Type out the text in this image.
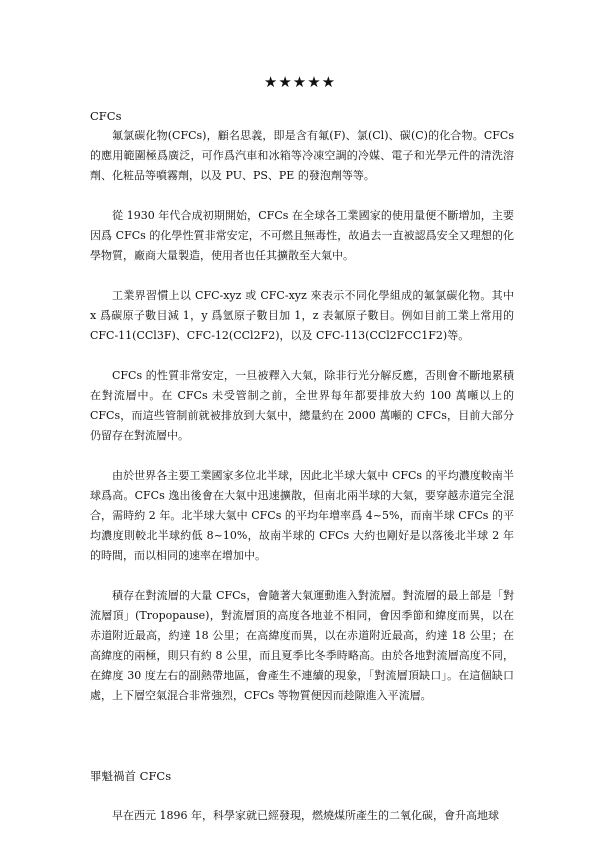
★★★★★

CFCs

氟氯碳化物(CFCs)，顧名思義，即是含有氟(F)、氯(Cl)、碳(C)的化合物。CFCs的應用範圍極爲廣泛，可作爲汽車和冰箱等冷凍空調的冷媒、電子和光學元件的清洗溶劑、化粧品等噴霧劑，以及 PU、PS、PE 的發泡劑等等。

從 1930 年代合成初期開始，CFCs 在全球各工業國家的使用量便不斷增加，主要因爲 CFCs 的化學性質非常安定，不可燃且無毒性，故過去一直被認爲安全又理想的化學物質，廠商大量製造，使用者也任其擴散至大氣中。

工業界習慣上以 CFC-xyz 或 CFC-xyz 來表示不同化學組成的氟氯碳化物。其中 x 爲碳原子數目減 1，y 爲氫原子數目加 1，z 表氟原子數目。例如目前工業上常用的 CFC-11(CCl3F)、CFC-12(CCl2F2)，以及 CFC-113(CCl2FCC1F2)等。

CFCs 的性質非常安定，一旦被釋入大氣，除非行光分解反應，否則會不斷地累積在對流層中。在 CFCs 未受管制之前，全世界每年都要排放大約 100 萬噸以上的 CFCs，而這些管制前就被排放到大氣中，總量約在 2000 萬噸的 CFCs，目前大部分仍留存在對流層中。

由於世界各主要工業國家多位北半球，因此北半球大氣中 CFCs 的平均濃度較南半球爲高。CFCs 逸出後會在大氣中迅速擴散，但南北兩半球的大氣，要穿越赤道完全混合，需時約 2 年。北半球大氣中 CFCs 的平均年增率爲 4~5%，而南半球 CFCs 的平均濃度則較北半球約低 8~10%，故南半球的 CFCs 大約也剛好是以落後北半球 2 年的時間，而以相同的速率在增加中。

積存在對流層的大量 CFCs，會隨著大氣運動進入對流層。對流層的最上部是「對流層頂」(Tropopause)，對流層頂的高度各地並不相同，會因季節和緯度而異，以在赤道附近最高，約達 18 公里；在高緯度而異，以在赤道附近最高，約達 18 公里；在高緯度的兩極，則只有約 8 公里，而且夏季比冬季時略高。由於各地對流層高度不同，在緯度 30 度左右的副熱帶地區，會產生不連續的現象，「對流層頂缺口」。在這個缺口處，上下層空氣混合非常強烈，CFCs 等物質便因而趁隙進入平流層。

罪魁禍首 CFCs

早在西元 1896 年，科學家就已經發現，燃燒煤所產生的二氧化碳，會升高地球
